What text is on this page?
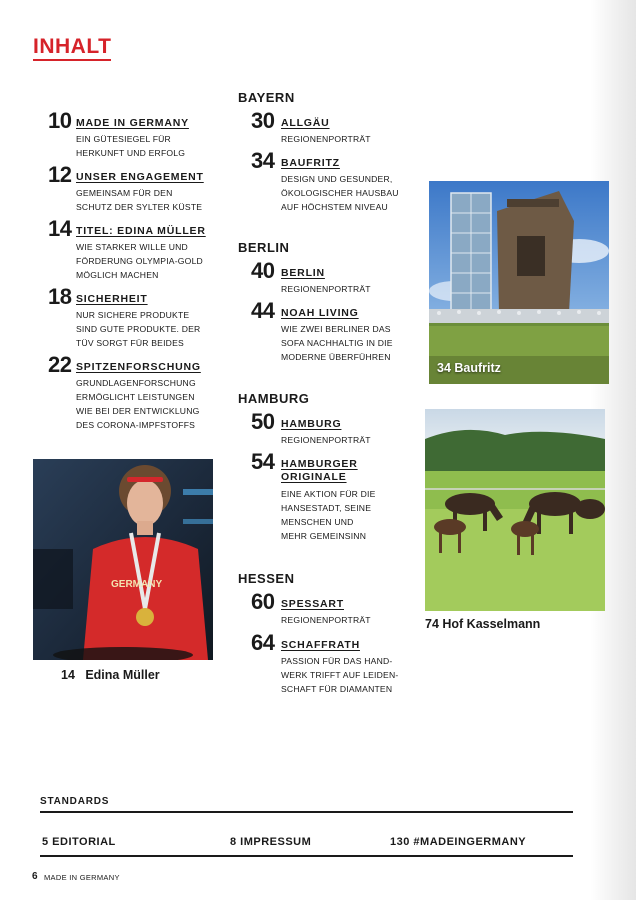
INHALT
10 MADE IN GERMANY
EIN GÜTESIEGEL FÜR
HERKUNFT UND ERFOLG
12 UNSER ENGAGEMENT
GEMEINSAM FÜR DEN
SCHUTZ DER SYLTER KÜSTE
14 TITEL: EDINA MÜLLER
WIE STARKER WILLE UND
FÖRDERUNG OLYMPIA-GOLD
MÖGLICH MACHEN
18 SICHERHEIT
NUR SICHERE PRODUKTE
SIND GUTE PRODUKTE. DER
TÜV SORGT FÜR BEIDES
22 SPITZENFORSCHUNG
GRUNDLAGENFORSCHUNG
ERMÖGLICHT LEISTUNGEN
WIE BEI DER ENTWICKLUNG
DES CORONA-IMPFSTOFFS
GERMANY
14 Edina Müller
BAYERN
30 ALLGÄU
REGIONENPORTRÄT
34 BAUFRITZ
DESIGN UND GESUNDER,
ÖKOLOGISCHER HAUSBAU
AUF HÖCHSTEM NIVEAU
BERLIN
40 BERLIN
REGIONENPORTRÄT
44 NOAH LIVING
WIE ZWEI BERLINER DAS
SOFA NACHHALTIG IN DIE
MODERNE ÜBERFÜHREN
HAMBURG
50 HAMBURG
REGIONENPORTRÄT
54 HAMBURGER
ORIGINALE
EINE AKTION FÜR DIE
HANSESTADT, SEINE
MENSCHEN UND
MEHR GEMEINSINN
HESSEN
60 SPESSART
REGIONENPORTRÄT
64 SCHAFFRATH
PASSION FÜR DAS HAND-
WERK TRIFFT AUF LEIDEN-
SCHAFT FÜR DIAMANTEN
34 Baufritz
74 Hof Kasselmann
STANDARDS
5 EDITORIAL	8 IMPRESSUM	130 #MADEINGERMANY
6 MADE IN GERMANY
